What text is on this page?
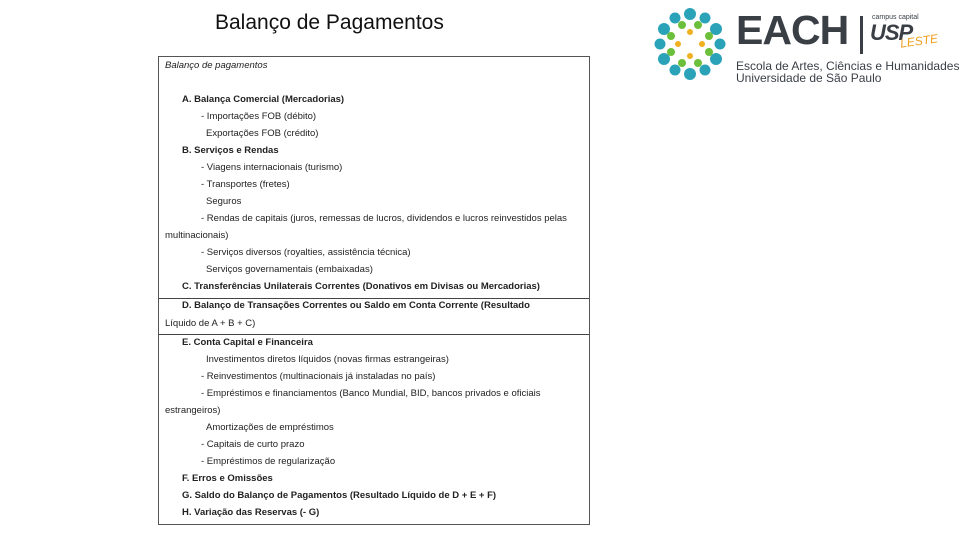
Balanço de Pagamentos	EACH	campus capital
USP
LESTE
Escola de Artes, Ciências e Humanidades
Universidade de São Paulo
Balanço de pagamentos
A. Balança Comercial (Mercadorias)
- Importações FOB (débito)
Exportações FOB (crédito)
B. Serviços e Rendas
- Viagens internacionais (turismo)
- Transportes (fretes)
Seguros
- Rendas de capitais (juros, remessas de lucros, dividendos e lucros reinvestidos pelas
multinacionais)
- Serviços diversos (royalties, assistência técnica)
Serviços governamentais (embaixadas)
C. Transferências Unilaterais Correntes (Donativos em Divisas ou Mercadorias)
D. Balanço de Transações Correntes ou Saldo em Conta Corrente (Resultado
Líquido de A + B + C)
E. Conta Capital e Financeira
Investimentos diretos líquidos (novas firmas estrangeiras)
- Reinvestimentos (multinacionais já instaladas no país)
- Empréstimos e financiamentos (Banco Mundial, BID, bancos privados e oficiais
estrangeiros)
Amortizações de empréstimos
- Capitais de curto prazo
- Empréstimos de regularização
F. Erros e Omissões
G. Saldo do Balanço de Pagamentos (Resultado Líquido de D + E + F)
H. Variação das Reservas (- G)
